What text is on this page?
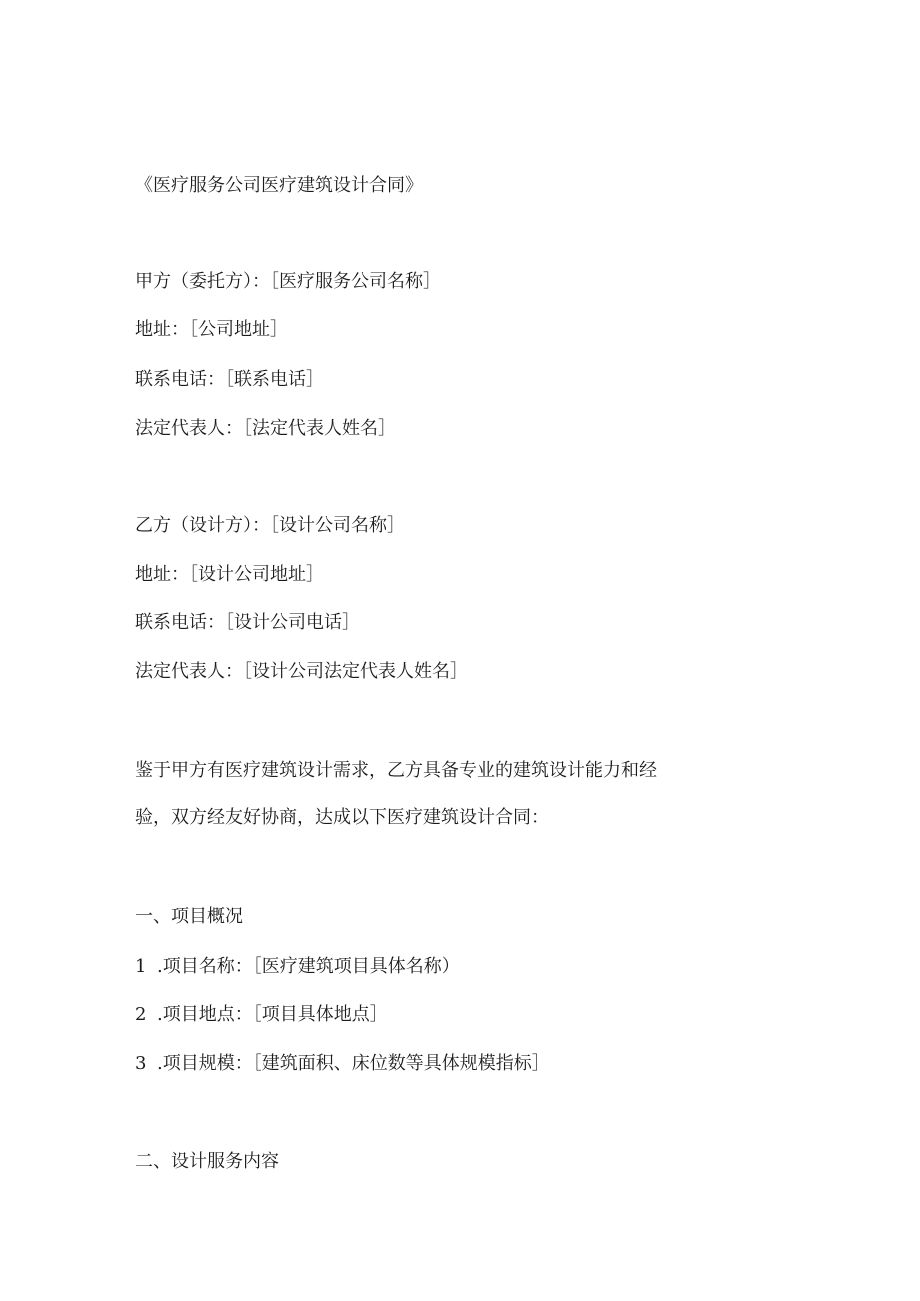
《医疗服务公司医疗建筑设计合同》
甲方（委托方）：［医疗服务公司名称］
地址：［公司地址］
联系电话：［联系电话］
法定代表人：［法定代表人姓名］
乙方（设计方）：［设计公司名称］
地址：［设计公司地址］
联系电话：［设计公司电话］
法定代表人：［设计公司法定代表人姓名］
鉴于甲方有医疗建筑设计需求，乙方具备专业的建筑设计能力和经
验，双方经友好协商，达成以下医疗建筑设计合同：
一、项目概况
1 .项目名称：［医疗建筑项目具体名称）
2 .项目地点：［项目具体地点］
3 .项目规模：［建筑面积、床位数等具体规模指标］
二、设计服务内容
